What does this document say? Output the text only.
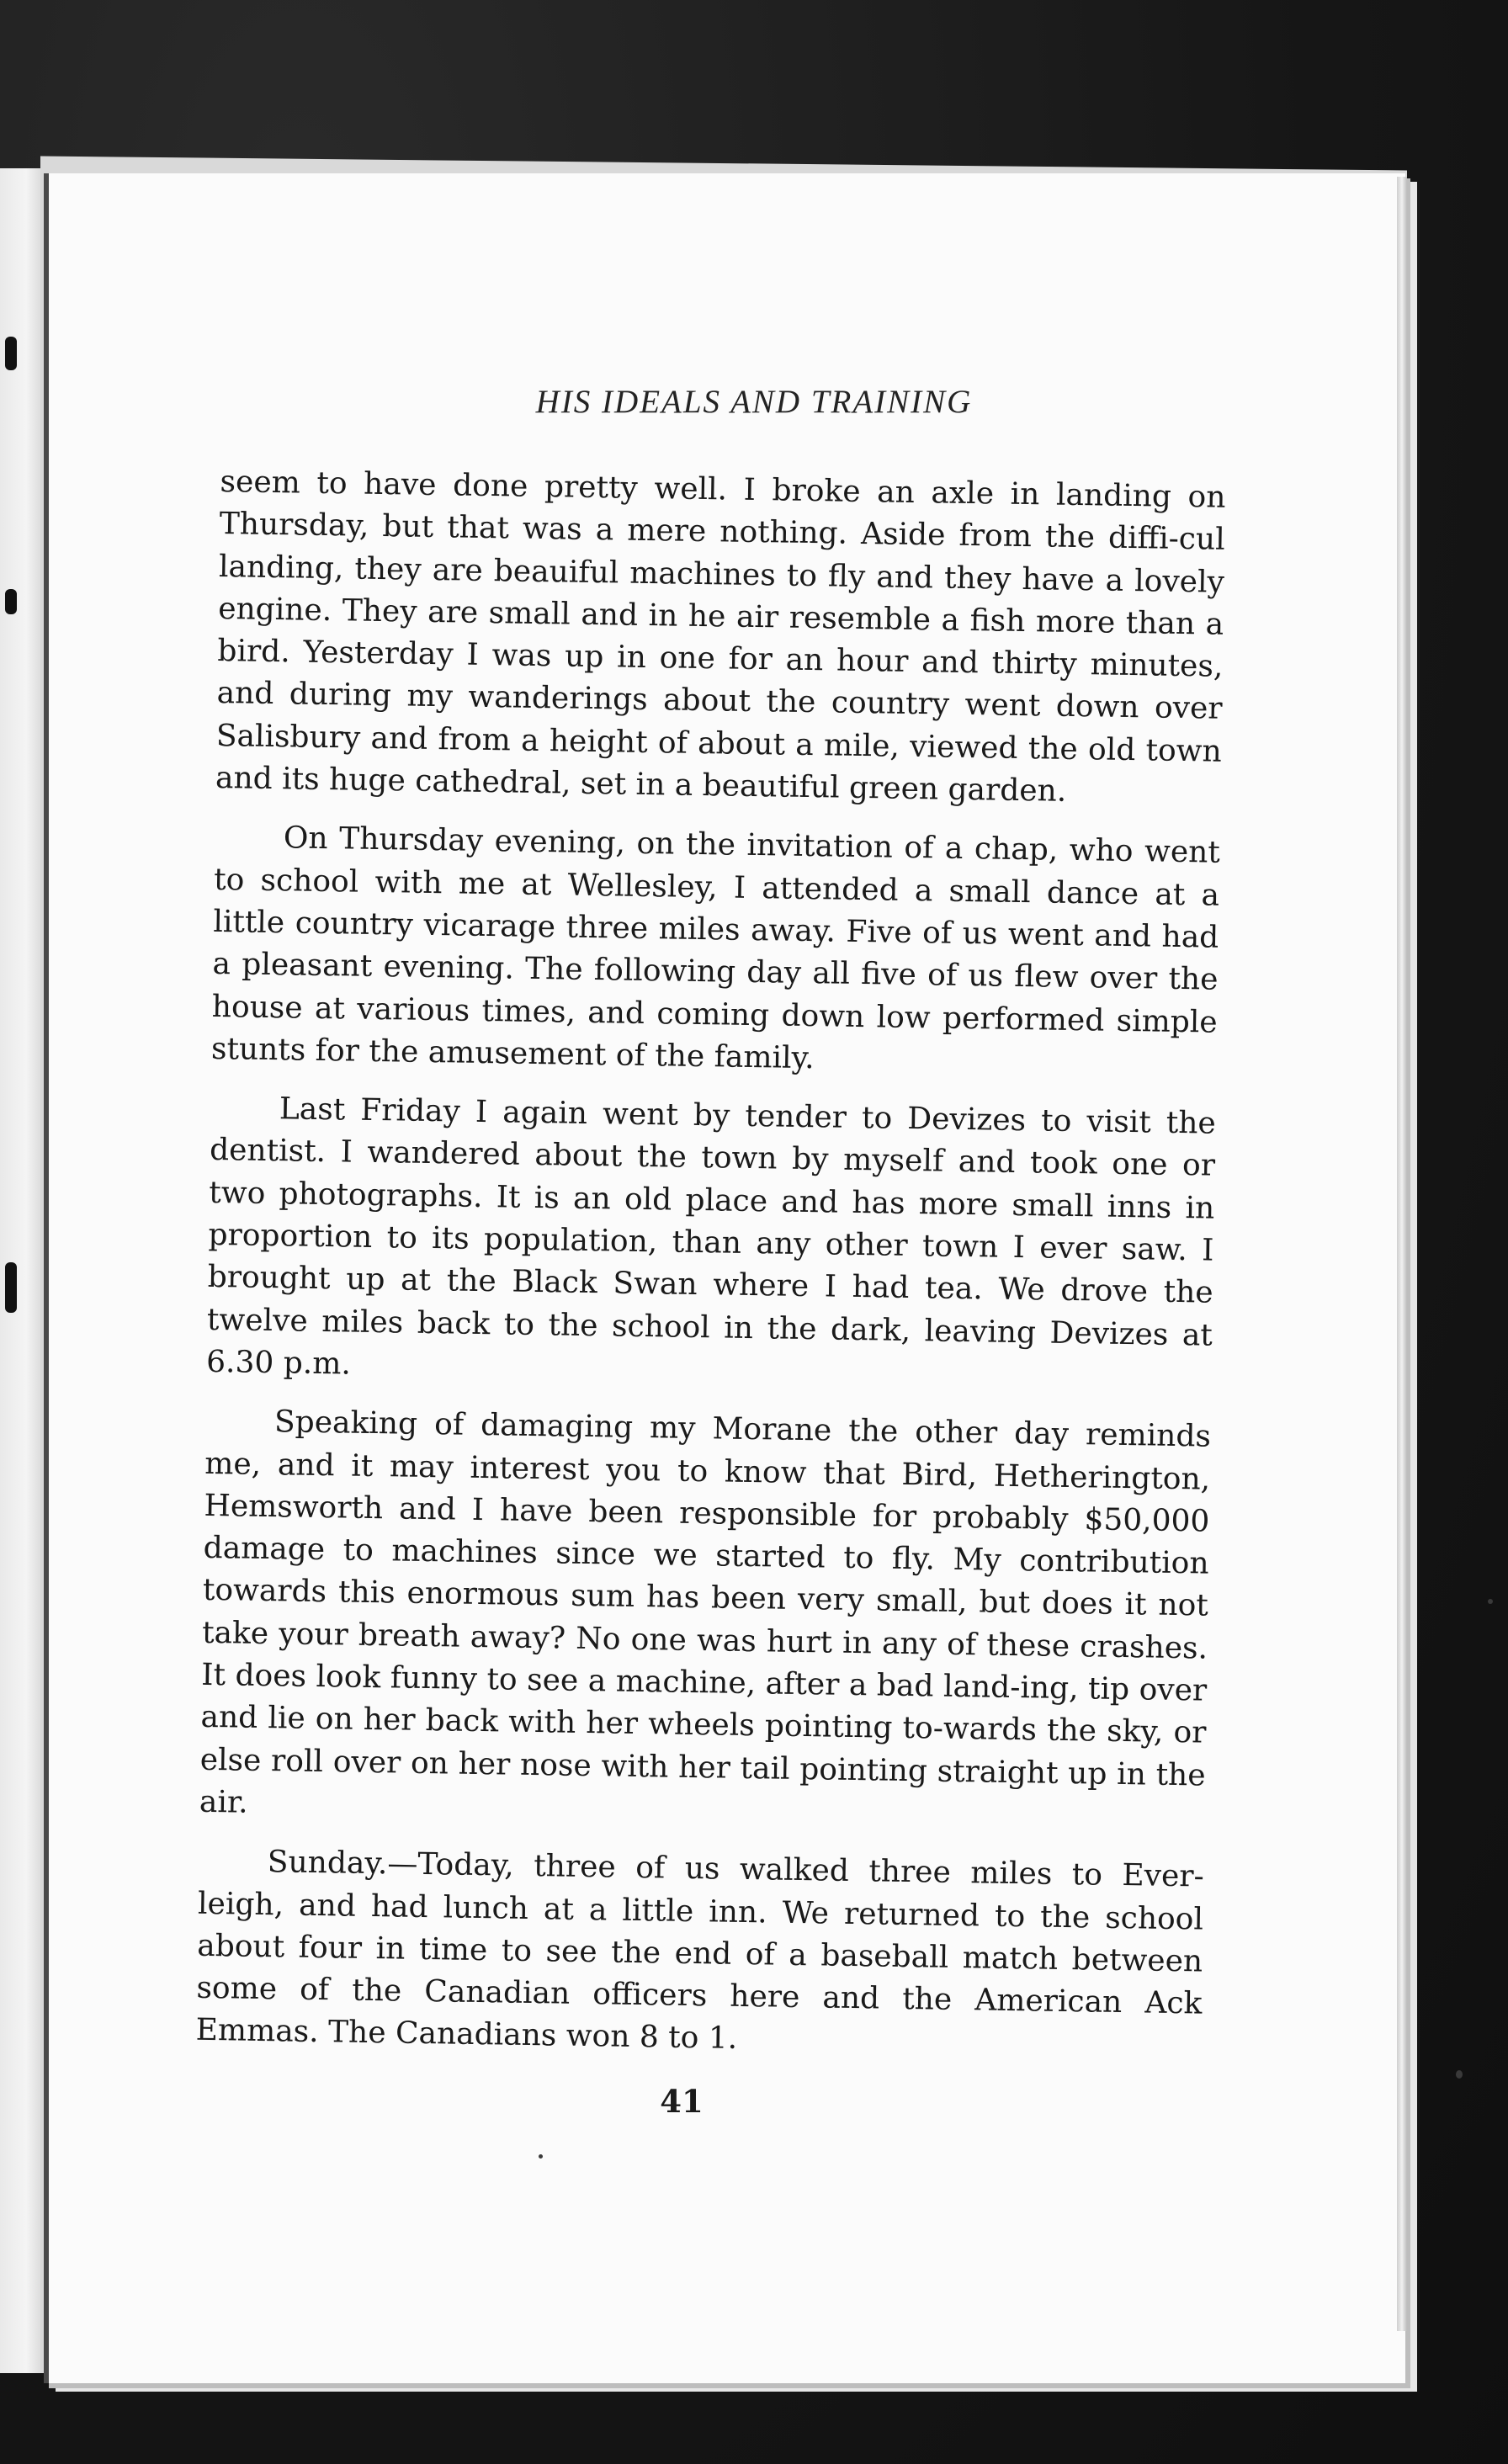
HIS IDEALS AND TRAINING

seem to have done pretty well. I broke an axle in landing on Thursday, but that was a mere nothing. Aside from the diffi-cul landing, they are beauiful machines to fly and they have a lovely engine. They are small and in he air resemble a fish more than a bird. Yesterday I was up in one for an hour and thirty minutes, and during my wanderings about the country went down over Salisbury and from a height of about a mile, viewed the old town and its huge cathedral, set in a beautiful green garden.

On Thursday evening, on the invitation of a chap, who went to school with me at Wellesley, I attended a small dance at a little country vicarage three miles away. Five of us went and had a pleasant evening. The following day all five of us flew over the house at various times, and coming down low performed simple stunts for the amusement of the family.

Last Friday I again went by tender to Devizes to visit the dentist. I wandered about the town by myself and took one or two photographs. It is an old place and has more small inns in proportion to its population, than any other town I ever saw. I brought up at the Black Swan where I had tea. We drove the twelve miles back to the school in the dark, leaving Devizes at 6.30 p.m.

Speaking of damaging my Morane the other day reminds me, and it may interest you to know that Bird, Hetherington, Hemsworth and I have been responsible for probably $50,000 damage to machines since we started to fly. My contribution towards this enormous sum has been very small, but does it not take your breath away? No one was hurt in any of these crashes. It does look funny to see a machine, after a bad land-ing, tip over and lie on her back with her wheels pointing to-wards the sky, or else roll over on her nose with her tail pointing straight up in the air.

Sunday.—Today, three of us walked three miles to Ever-leigh, and had lunch at a little inn. We returned to the school about four in time to see the end of a baseball match between some of the Canadian officers here and the American Ack Emmas. The Canadians won 8 to 1.

41
